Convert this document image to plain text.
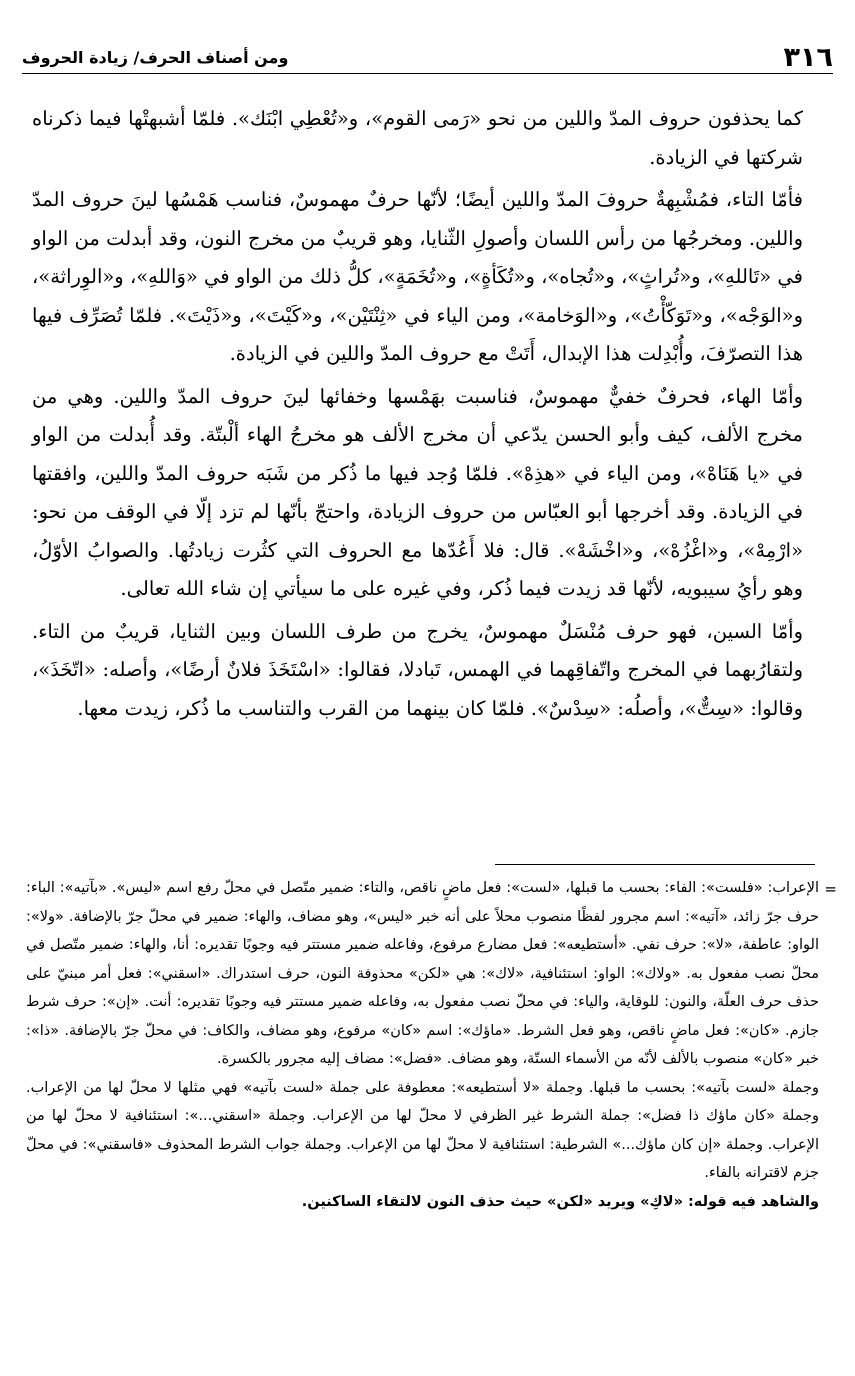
٣١٦
ومن أصناف الحرف/ زيادة الحروف

كما يحذفون حروف المدّ واللين من نحو «رَمى القوم»، و«تُعْطِي ابْنَك». فلمّا أشبهتْها فيما ذكرناه شركتها في الزيادة.

فأمّا التاء، فمُشْبِهةٌ حروفَ المدّ واللين أيضًا؛ لأنّها حرفٌ مهموسٌ، فناسب هَمْسُها لينَ حروف المدّ واللين. ومخرجُها من رأس اللسان وأصولِ الثّنايا، وهو قريبٌ من مخرج النون، وقد أبدلت من الواو في «تَاللهِ»، و«تُراثٍ»، و«تُجاه»، و«تُكَأةٍ»، و«تُخَمَةٍ»، كلُّ ذلك من الواو في «وَاللهِ»، و«الوِراثة»، و«الوَجْه»، و«تَوَكّأْتُ»، و«الوَخامة»، ومن الياء في «ثِنْتَيْن»، و«كَيْتَ»، و«ذَيْتَ». فلمّا تُصَرِّف فيها هذا التصرّفَ، وأُبْدِلت هذا الإبدال، أَتَتْ مع حروف المدّ واللين في الزيادة.

وأمّا الهاء، فحرفٌ خفيٌّ مهموسٌ، فناسبت بهَمْسها وخفائها لينَ حروف المدّ واللين. وهي من مخرج الألف، كيف وأبو الحسن يدّعي أن مخرج الألف هو مخرجُ الهاء ألْبتّة. وقد أُبدلت من الواو في «يا هَنَاهْ»، ومن الياء في «هذِهْ». فلمّا وُجد فيها ما ذُكر من شَبَه حروف المدّ واللين، وافقتها في الزيادة. وقد أخرجها أبو العبّاس من حروف الزيادة، واحتجّ بأنّها لم تزد إلّا في الوقف من نحو: «ارْمِهْ»، و«اغْزُهْ»، و«اخْشَهْ». قال: فلا أَعُدّها مع الحروف التي كثُرت زيادتُها. والصوابُ الأوّلُ، وهو رأيُ سيبويه، لأنّها قد زيدت فيما ذُكر، وفي غيره على ما سيأتي إن شاء الله تعالى.

وأمّا السين، فهو حرف مُنْسَلٌ مهموسٌ، يخرج من طرف اللسان وبين الثنايا، قريبٌ من التاء. ولتقارُبهما في المخرج واتّفاقِهما في الهمس، تَبادلا، فقالوا: «اسْتَخَذَ فلانٌ أرضًا»، وأصله: «اتّخَذَ»، وقالوا: «سِتٌّ»، وأصلُه: «سِدْسٌ». فلمّا كان بينهما من القرب والتناسب ما ذُكر، زيدت معها.

=

الإعراب: «فلست»: الفاء: بحسب ما قبلها، «لست»: فعل ماضٍ ناقص، والتاء: ضمير متّصل في محلّ رفع اسم «ليس». «بآتيه»: الباء: حرف جرّ زائد، «آتيه»: اسم مجرور لفظًا منصوب محلاً على أنه خبر «ليس»، وهو مضاف، والهاء: ضمير في محلّ جرّ بالإضافة. «ولا»: الواو: عاطفة، «لا»: حرف نفي. «أستطيعه»: فعل مضارع مرفوع، وفاعله ضمير مستتر فيه وجوبًا تقديره: أنا، والهاء: ضمير متّصل في محلّ نصب مفعول به. «ولاك»: الواو: استئنافية، «لاك»: هي «لكن» محذوفة النون، حرف استدراك. «اسقني»: فعل أمر مبنيّ على حذف حرف العلّة، والنون: للوقاية، والياء: في محلّ نصب مفعول به، وفاعله ضمير مستتر فيه وجوبًا تقديره: أنت. «إن»: حرف شرط جازم. «كان»: فعل ماضٍ ناقص، وهو فعل الشرط. «ماؤك»: اسم «كان» مرفوع، وهو مضاف، والكاف: في محلّ جرّ بالإضافة. «ذا»: خبر «كان» منصوب بالألف لأنّه من الأسماء الستّة، وهو مضاف. «فضل»: مضاف إليه مجرور بالكسرة.

وجملة «لست بآتيه»: بحسب ما قبلها. وجملة «لا أستطيعه»: معطوفة على جملة «لست بآتيه» فهي مثلها لا محلّ لها من الإعراب. وجملة «كان ماؤك ذا فضل»: جملة الشرط غير الظرفي لا محلّ لها من الإعراب. وجملة «اسقني...»: استئنافية لا محلّ لها من الإعراب. وجملة «إن كان ماؤك...» الشرطية: استئنافية لا محلّ لها من الإعراب. وجملة جواب الشرط المحذوف «فاسقني»: في محلّ جزم لاقترانه بالفاء.

والشاهد فيه قوله: «لاكِ» ويريد «لكن» حيث حذف النون لالتقاء الساكنين.
